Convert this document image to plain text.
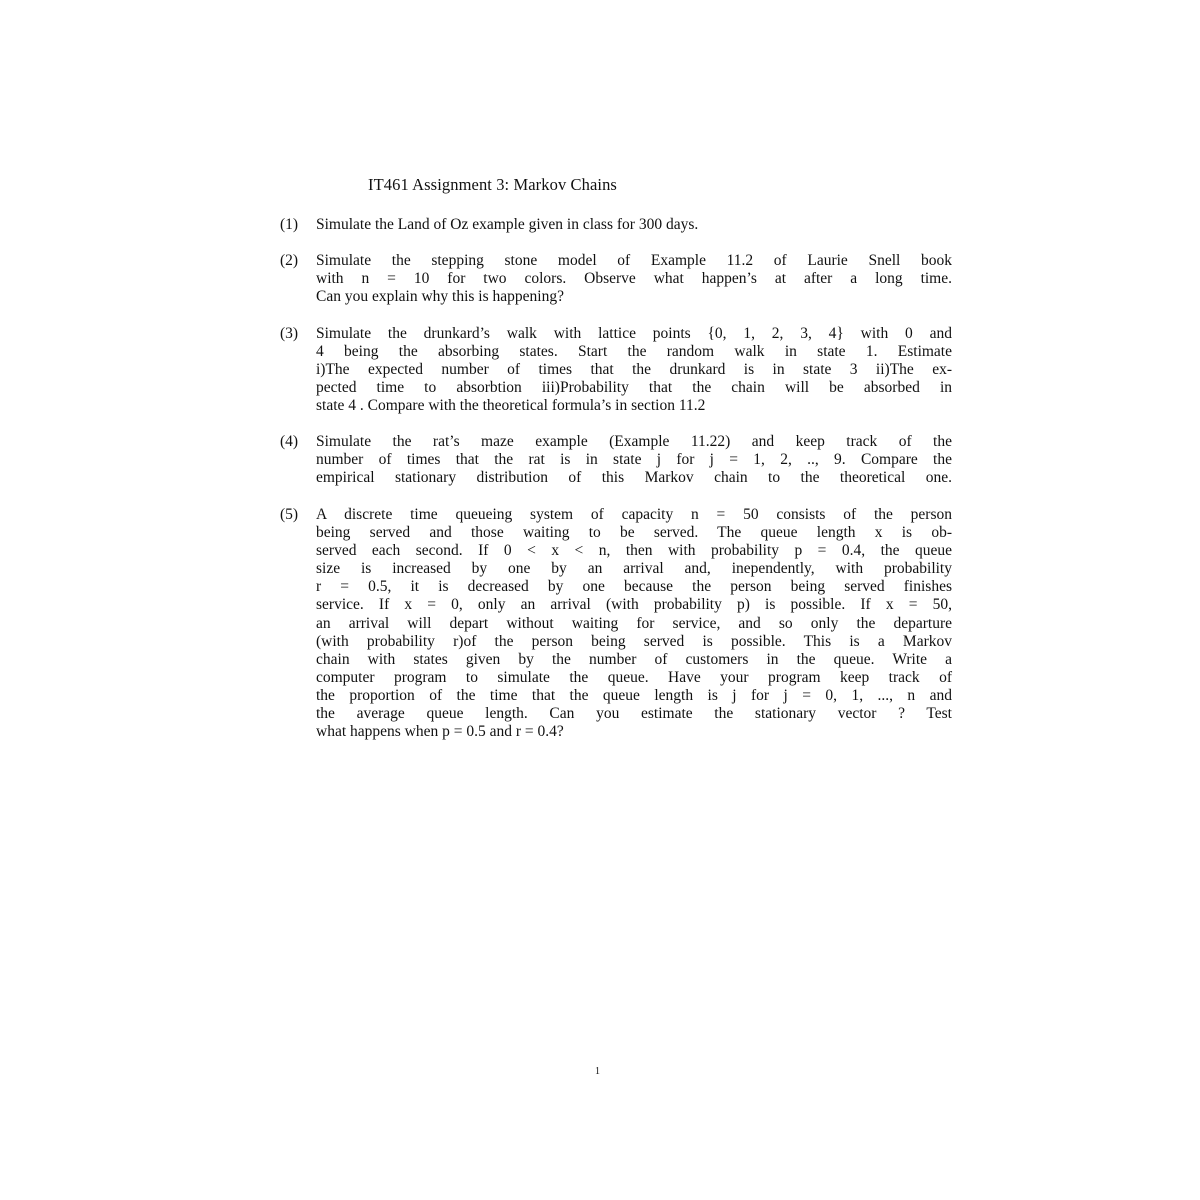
IT461 Assignment 3: Markov Chains
(1) Simulate the Land of Oz example given in class for 300 days.
(2) Simulate the stepping stone model of Example 11.2 of Laurie Snell book
with n = 10 for two colors. Observe what happen’s at after a long time.
Can you explain why this is happening?
(3) Simulate the drunkard’s walk with lattice points {0, 1, 2, 3, 4} with 0 and
4 being the absorbing states. Start the random walk in state 1. Estimate
i)The expected number of times that the drunkard is in state 3 ii)The ex-
pected time to absorbtion iii)Probability that the chain will be absorbed in
state 4 . Compare with the theoretical formula’s in section 11.2
(4) Simulate the rat’s maze example (Example 11.22) and keep track of the
number of times that the rat is in state j for j = 1, 2, .., 9. Compare the
empirical stationary distribution of this Markov chain to the theoretical one.
(5) A discrete time queueing system of capacity n = 50 consists of the person
being served and those waiting to be served. The queue length x is ob-
served each second. If 0 < x < n, then with probability p = 0.4, the queue
size is increased by one by an arrival and, inependently, with probability
r = 0.5, it is decreased by one because the person being served finishes
service. If x = 0, only an arrival (with probability p) is possible. If x = 50,
an arrival will depart without waiting for service, and so only the departure
(with probability r)of the person being served is possible. This is a Markov
chain with states given by the number of customers in the queue. Write a
computer program to simulate the queue. Have your program keep track of
the proportion of the time that the queue length is j for j = 0, 1, ..., n and
the average queue length. Can you estimate the stationary vector ? Test
what happens when p = 0.5 and r = 0.4?
1
